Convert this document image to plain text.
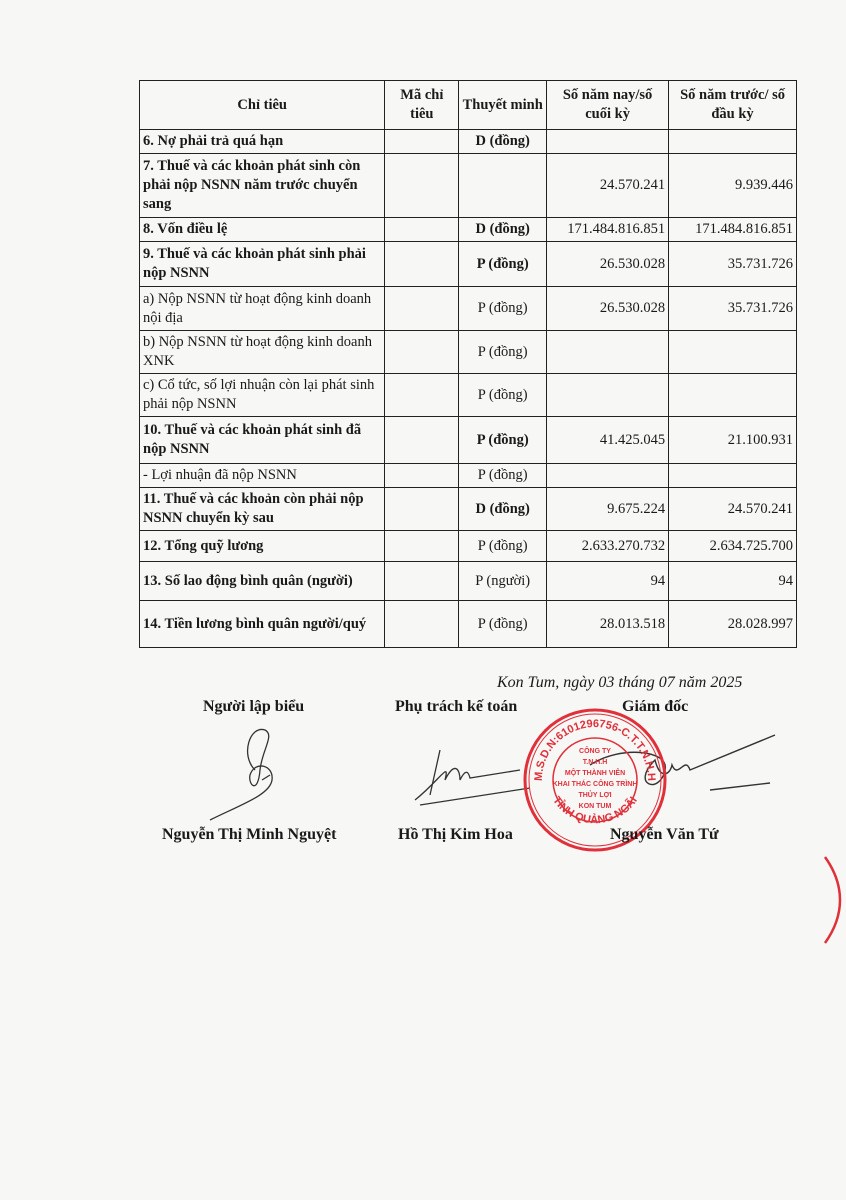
Chỉ tiêu	Mã chỉ tiêu	Thuyết minh	Số năm nay/số cuối kỳ	Số năm trước/ số đầu kỳ
6. Nợ phải trả quá hạn		D (đồng)		
7. Thuế và các khoản phát sinh còn phải nộp NSNN năm trước chuyển sang			24.570.241	9.939.446
8. Vốn điều lệ		D (đồng)	171.484.816.851	171.484.816.851
9. Thuế và các khoản phát sinh phải nộp NSNN		P (đồng)	26.530.028	35.731.726
a) Nộp NSNN từ hoạt động kinh doanh nội địa		P (đồng)	26.530.028	35.731.726
b) Nộp NSNN từ hoạt động kinh doanh XNK		P (đồng)		
c) Cổ tức, số lợi nhuận còn lại phát sinh phải nộp NSNN		P (đồng)		
10. Thuế và các khoản phát sinh đã nộp NSNN		P (đồng)	41.425.045	21.100.931
- Lợi nhuận đã nộp NSNN		P (đồng)		
11. Thuế và các khoản còn phải nộp NSNN chuyển kỳ sau		D (đồng)	9.675.224	24.570.241
12. Tổng quỹ lương		P (đồng)	2.633.270.732	2.634.725.700
13. Số lao động bình quân (người)		P (người)	94	94
14. Tiền lương bình quân người/quý		P (đồng)	28.013.518	28.028.997
Kon Tum, ngày 03 tháng 07 năm 2025
Người lập biểu	Phụ trách kế toán	Giám đốc
M.S.D.N:6101296756-C.T.T.N.H.H
TỈNH QUẢNG NGÃI
CÔNG TY
T.N.H.H
MỘT THÀNH VIÊN
KHAI THÁC CÔNG TRÌNH
THỦY LỢI
KON TUM
Nguyễn Thị Minh Nguyệt	Hồ Thị Kim Hoa	Nguyễn Văn Tứ
